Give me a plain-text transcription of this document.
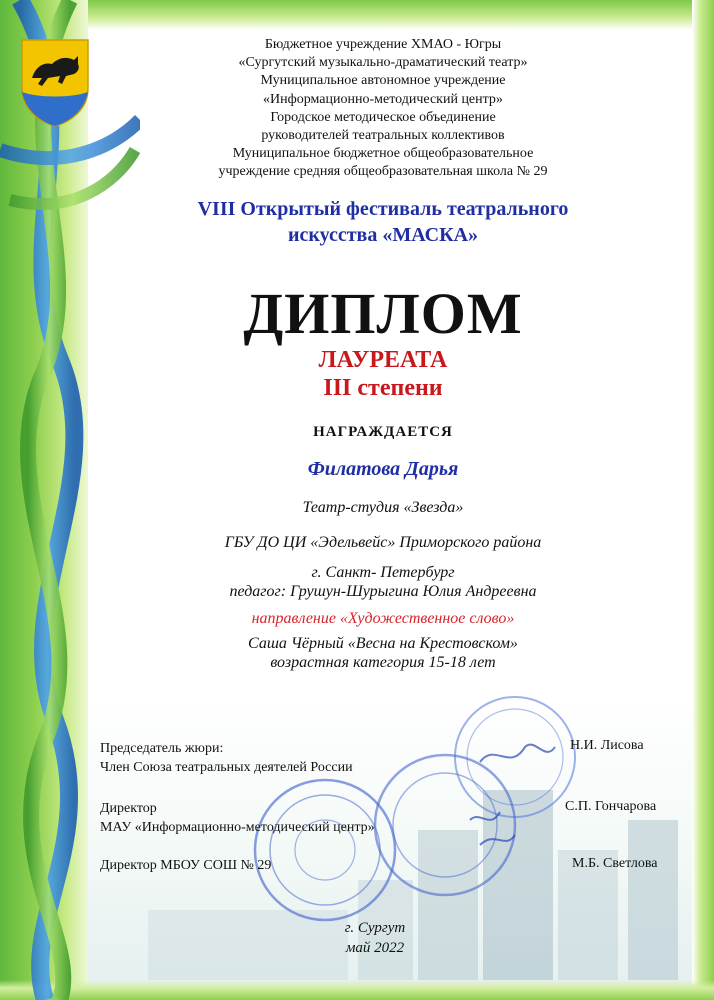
Бюджетное учреждение ХМАО - Югры

«Сургутский музыкально-драматический театр»

Муниципальное автономное учреждение

«Информационно-методический центр»

Городское методическое объединение

руководителей театральных коллективов

Муниципальное бюджетное общеобразовательное

учреждение средняя общеобразовательная школа № 29

VIII Открытый фестиваль театрального
искусства «МАСКА»
ДИПЛОМ
ЛАУРЕАТА
III степени
НАГРАЖДАЕТСЯ
Филатова Дарья
Театр-студия «Звезда»
ГБУ ДО ЦИ «Эдельвейс» Приморского района
г. Санкт- Петербург
педагог: Грушун-Шурыгина Юлия Андреевна
направление «Художественное слово»
Саша Чёрный «Весна на Крестовском»
возрастная категория 15-18 лет
Председатель жюри:
Член Союза театральных деятелей России
Н.И. Лисова
Директор
МАУ «Информационно-методический центр»
С.П. Гончарова
Директор МБОУ СОШ № 29	М.Б. Светлова
г. Сургут
май 2022
